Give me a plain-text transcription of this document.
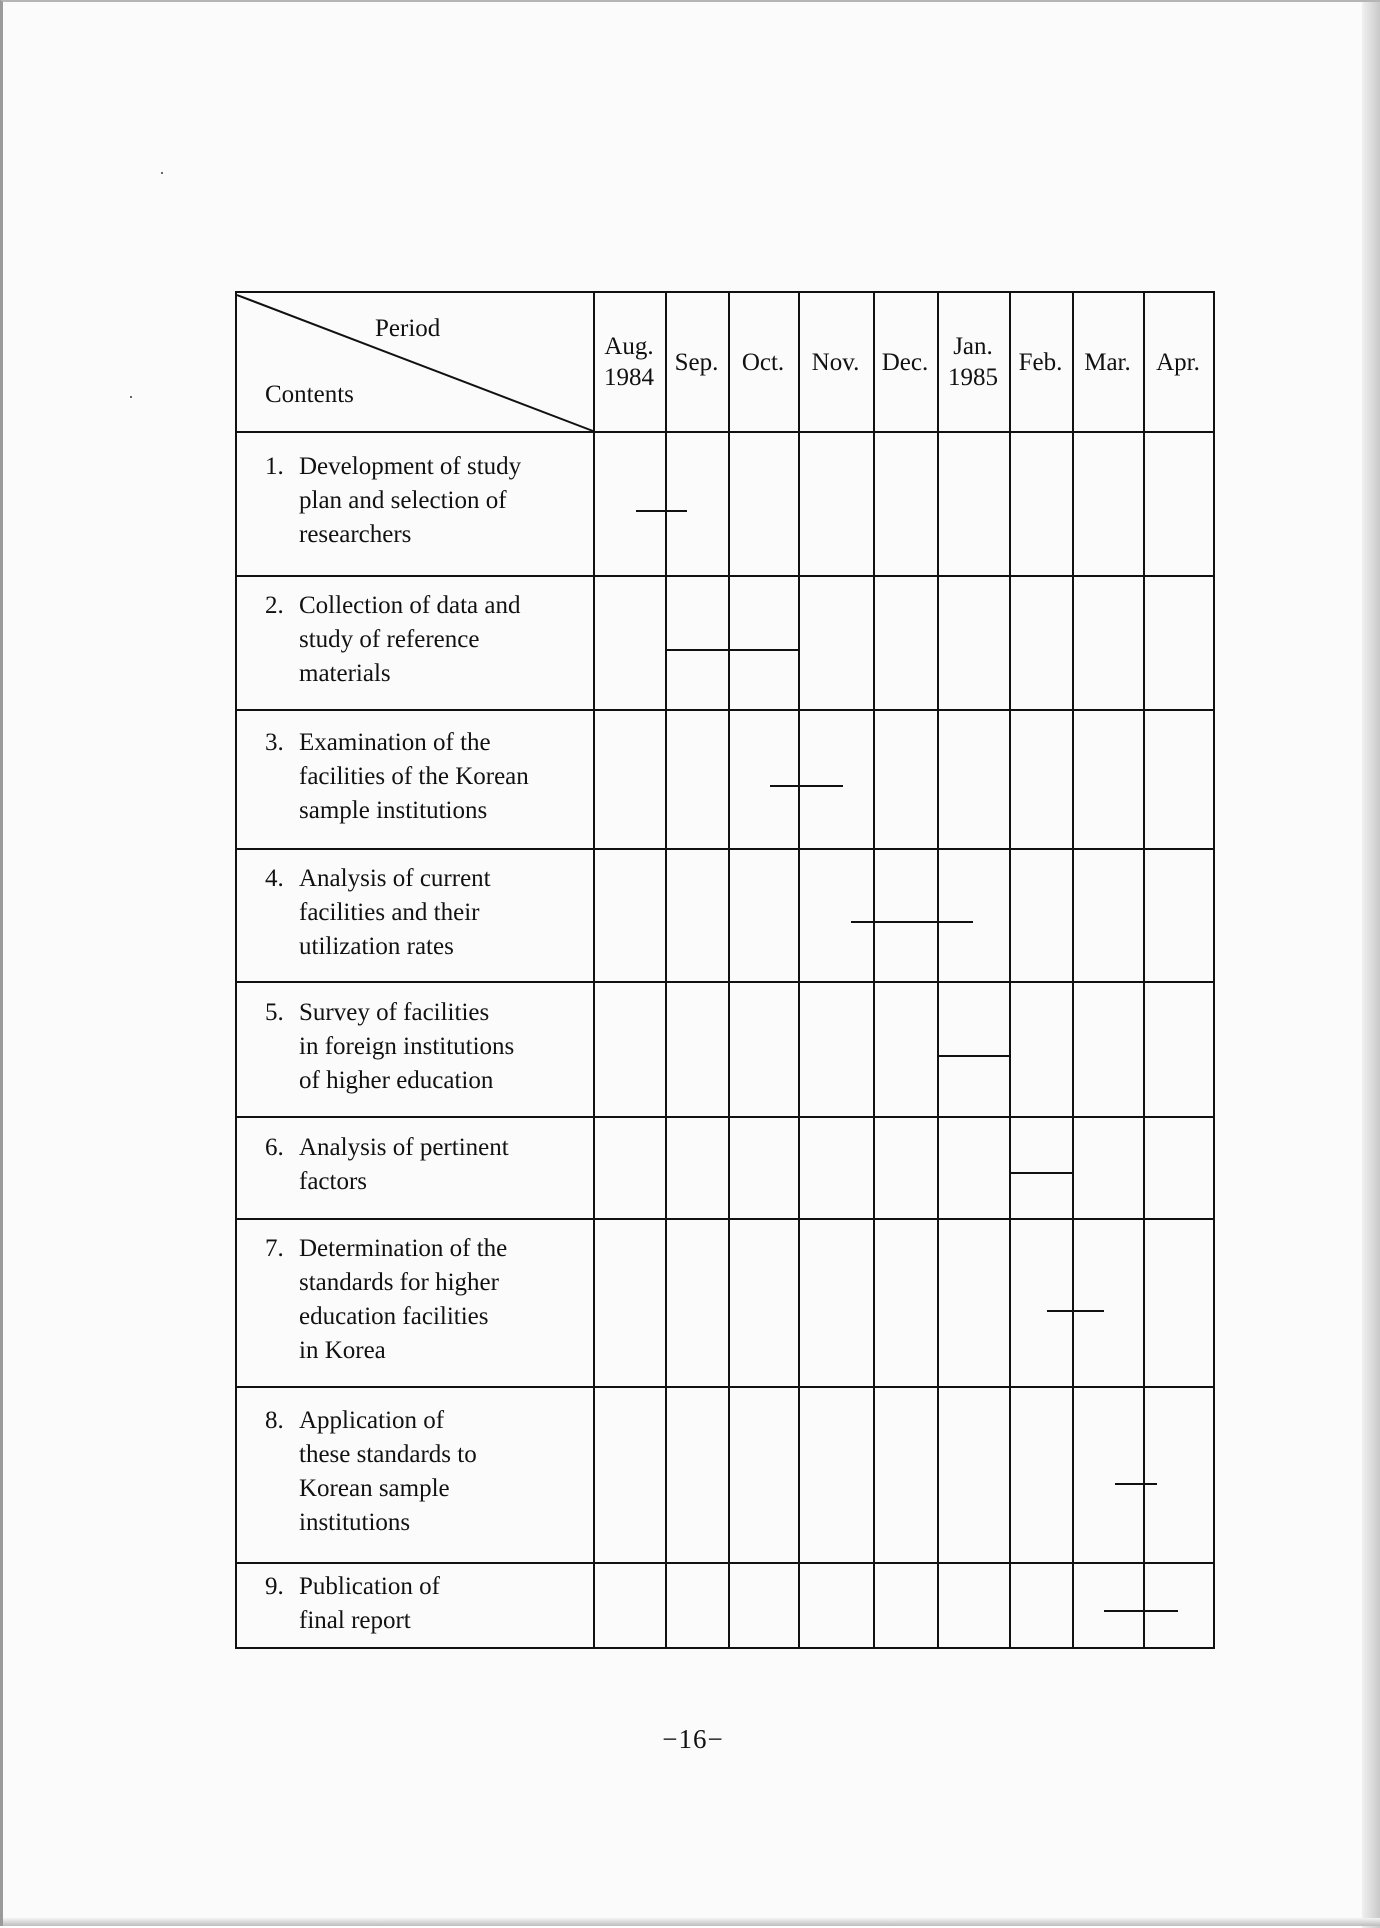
Period
Contents
Aug.
1984
Sep. Oct. Nov. Dec.
Jan.
1985
Feb. Mar. Apr.
1. Development of study
plan and selection of
researchers
2. Collection of data and
study of reference
materials
3. Examination of the
facilities of the Korean
sample institutions
4. Analysis of current
facilities and their
utilization rates
5. Survey of facilities
in foreign institutions
of higher education
6. Analysis of pertinent
factors
7. Determination of the
standards for higher
education facilities
in Korea
8. Application of
these standards to
Korean sample
institutions
9. Publication of
final report
−16−
